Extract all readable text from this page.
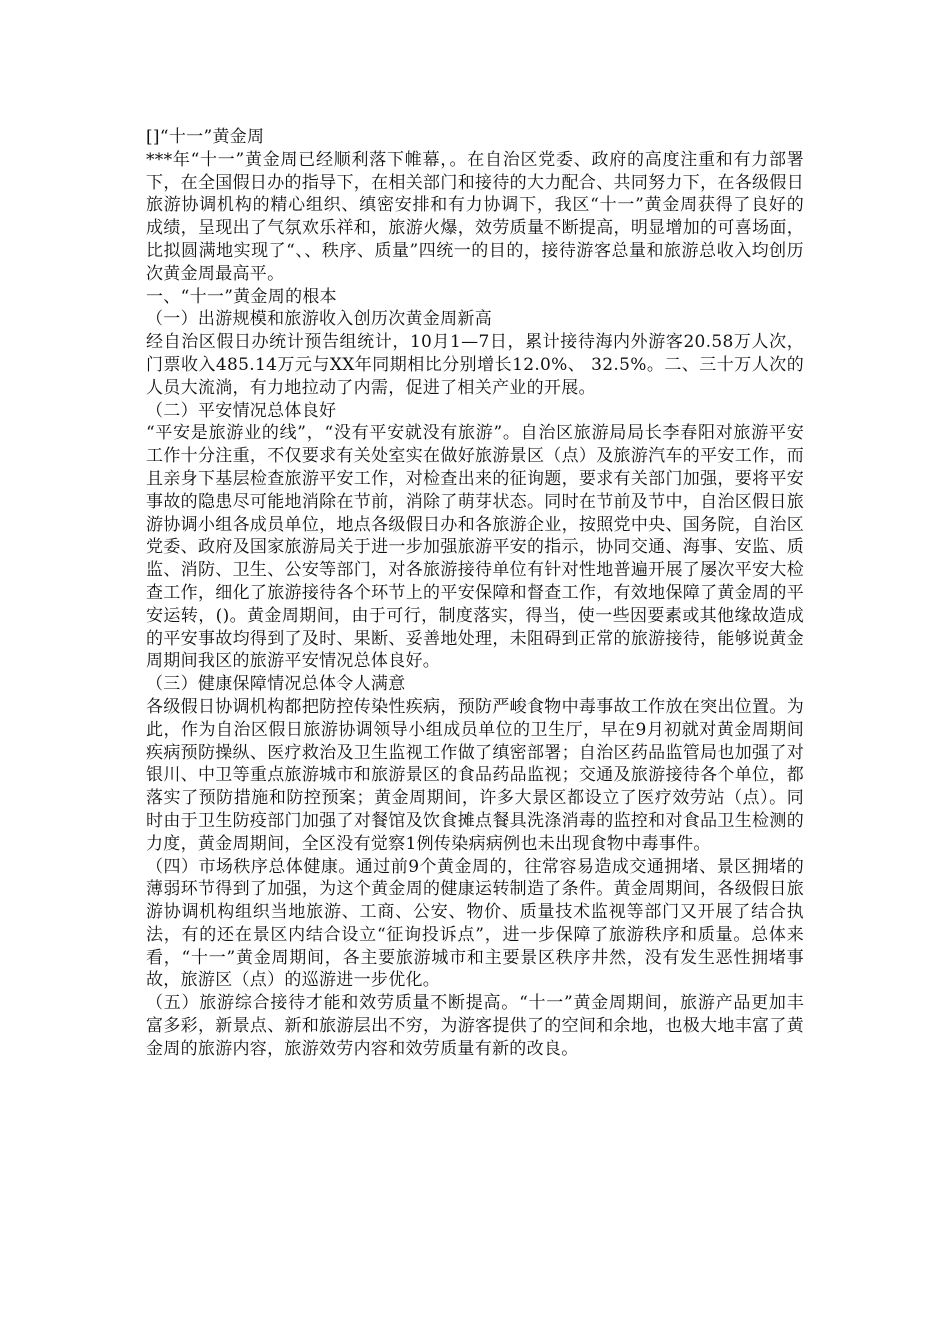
[]“十一”黄金周

***年“十一”黄金周已经顺利落下帷幕，。在自治区党委、政府的高度注重和有力部署下，在全国假日办的指导下，在相关部门和接待的大力配合、共同努力下，在各级假日旅游协调机构的精心组织、缜密安排和有力协调下，我区“十一”黄金周获得了良好的成绩，呈现出了气氛欢乐祥和，旅游火爆，效劳质量不断提高，明显增加的可喜场面，比拟圆满地实现了“、、秩序、质量”四统一的目的，接待游客总量和旅游总收入均创历次黄金周最高平。

一、“十一”黄金周的根本

（一）出游规模和旅游收入创历次黄金周新高

经自治区假日办统计预告组统计，10月1—7日，累计接待海内外游客20.58万人次，门票收入485.14万元与XX年同期相比分别增长12.0%、 32.5%。二、三十万人次的人员大流淌，有力地拉动了内需，促进了相关产业的开展。

（二）平安情况总体良好

“平安是旅游业的线”，“没有平安就没有旅游”。自治区旅游局局长李春阳对旅游平安工作十分注重，不仅要求有关处室实在做好旅游景区（点）及旅游汽车的平安工作，而且亲身下基层检查旅游平安工作，对检查出来的征询题，要求有关部门加强，要将平安事故的隐患尽可能地消除在节前，消除了萌芽状态。同时在节前及节中，自治区假日旅游协调小组各成员单位，地点各级假日办和各旅游企业，按照党中央、国务院，自治区党委、政府及国家旅游局关于进一步加强旅游平安的指示，协同交通、海事、安监、质监、消防、卫生、公安等部门，对各旅游接待单位有针对性地普遍开展了屡次平安大检查工作，细化了旅游接待各个环节上的平安保障和督查工作，有效地保障了黄金周的平安运转，()。黄金周期间，由于可行，制度落实，得当，使一些因要素或其他缘故造成的平安事故均得到了及时、果断、妥善地处理，未阻碍到正常的旅游接待，能够说黄金周期间我区的旅游平安情况总体良好。

（三）健康保障情况总体令人满意

各级假日协调机构都把防控传染性疾病，预防严峻食物中毒事故工作放在突出位置。为此，作为自治区假日旅游协调领导小组成员单位的卫生厅，早在9月初就对黄金周期间疾病预防操纵、医疗救治及卫生监视工作做了缜密部署；自治区药品监管局也加强了对银川、中卫等重点旅游城市和旅游景区的食品药品监视；交通及旅游接待各个单位，都落实了预防措施和防控预案；黄金周期间，许多大景区都设立了医疗效劳站（点）。同时由于卫生防疫部门加强了对餐馆及饮食摊点餐具洗涤消毒的监控和对食品卫生检测的力度，黄金周期间，全区没有觉察1例传染病病例也未出现食物中毒事件。

（四）市场秩序总体健康。通过前9个黄金周的，往常容易造成交通拥堵、景区拥堵的薄弱环节得到了加强，为这个黄金周的健康运转制造了条件。黄金周期间，各级假日旅游协调机构组织当地旅游、工商、公安、物价、质量技术监视等部门又开展了结合执法，有的还在景区内结合设立“征询投诉点”，进一步保障了旅游秩序和质量。总体来看，“十一”黄金周期间，各主要旅游城市和主要景区秩序井然，没有发生恶性拥堵事故，旅游区（点）的巡游进一步优化。

（五）旅游综合接待才能和效劳质量不断提高。“十一”黄金周期间，旅游产品更加丰富多彩，新景点、新和旅游层出不穷，为游客提供了的空间和余地，也极大地丰富了黄金周的旅游内容，旅游效劳内容和效劳质量有新的改良。
